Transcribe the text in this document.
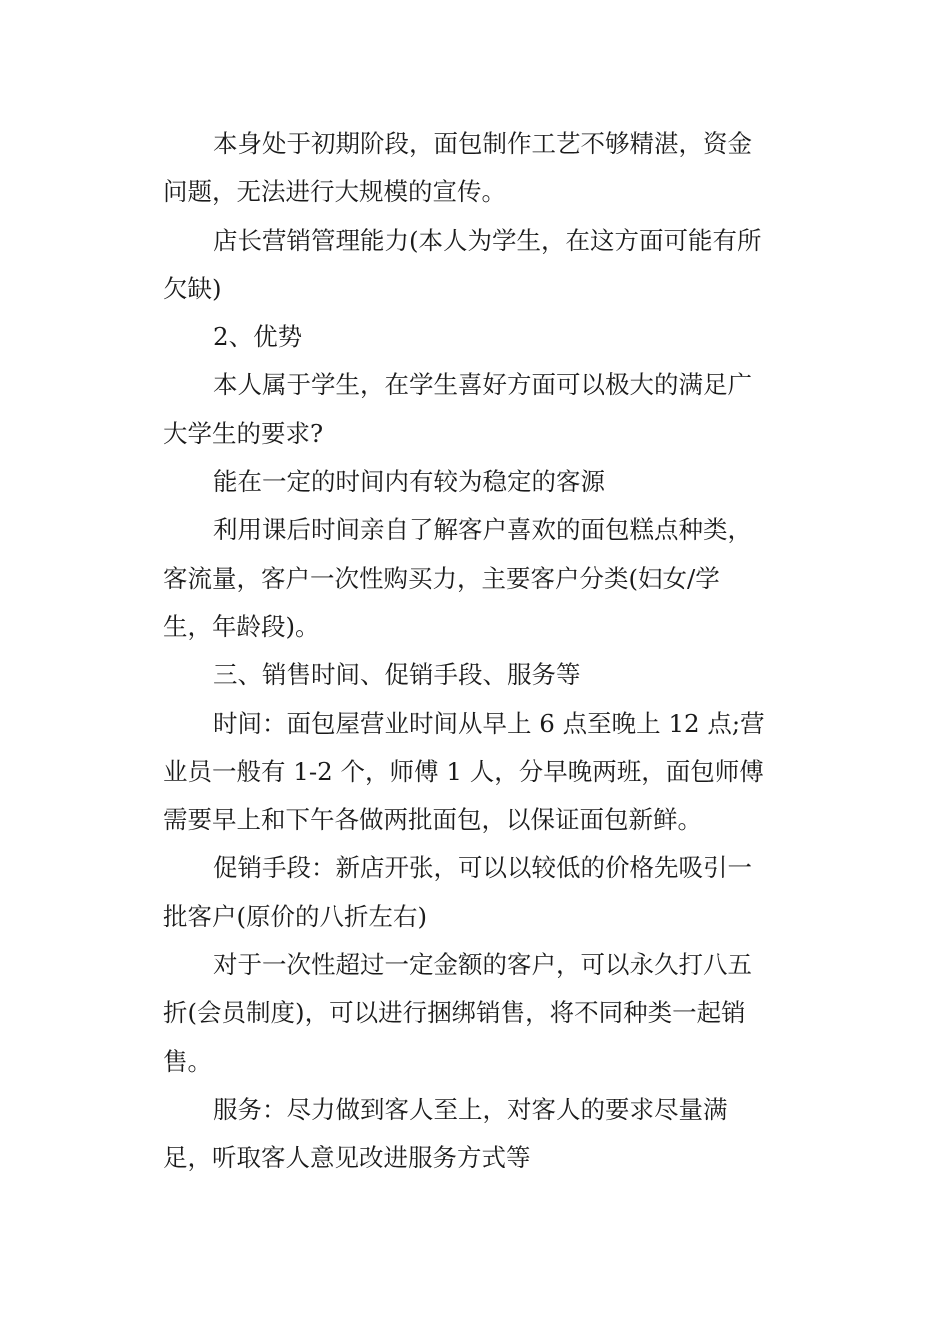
本身处于初期阶段，面包制作工艺不够精湛，资金
问题，无法进行大规模的宣传。

店长营销管理能力(本人为学生，在这方面可能有所
欠缺)

2、优势

本人属于学生，在学生喜好方面可以极大的满足广
大学生的要求?

能在一定的时间内有较为稳定的客源

利用课后时间亲自了解客户喜欢的面包糕点种类，
客流量，客户一次性购买力，主要客户分类(妇女/学
生，年龄段)。

三、销售时间、促销手段、服务等

时间：面包屋营业时间从早上 6 点至晚上 12 点;营
业员一般有 1-2 个，师傅 1 人，分早晚两班，面包师傅
需要早上和下午各做两批面包，以保证面包新鲜。

促销手段：新店开张，可以以较低的价格先吸引一
批客户(原价的八折左右)

对于一次性超过一定金额的客户，可以永久打八五
折(会员制度)，可以进行捆绑销售，将不同种类一起销
售。

服务：尽力做到客人至上，对客人的要求尽量满
足，听取客人意见改进服务方式等
